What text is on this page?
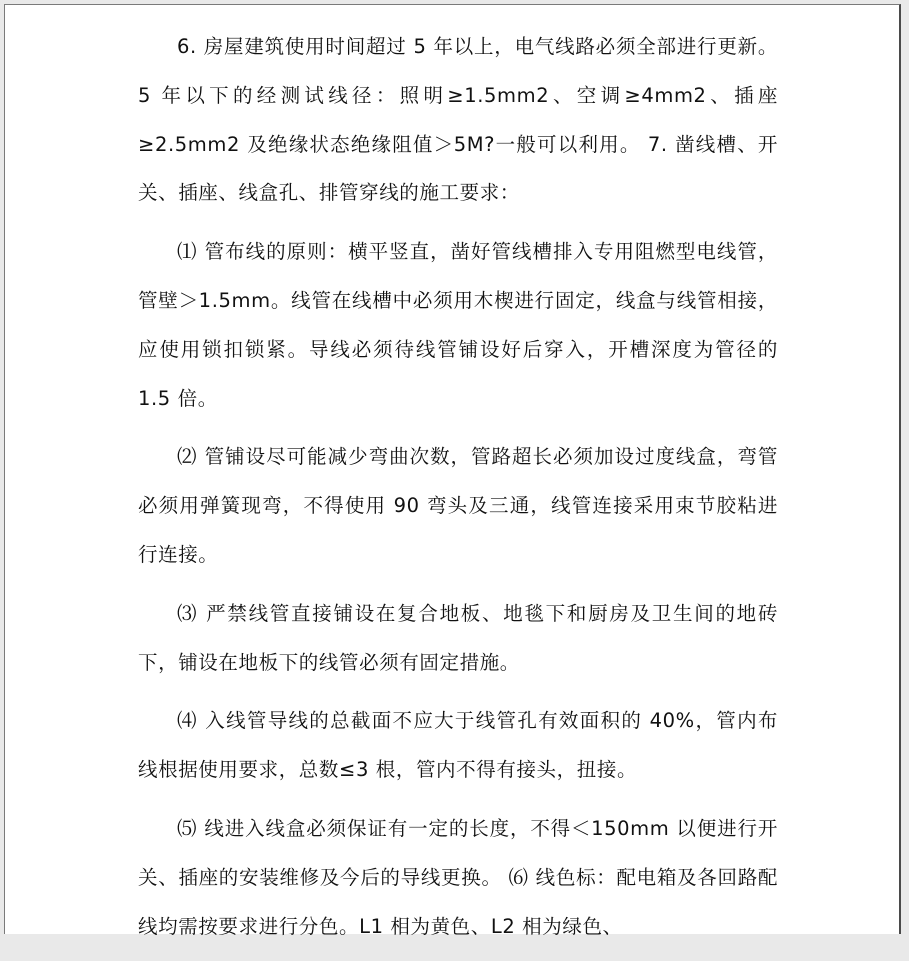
6. 房屋建筑使用时间超过 5 年以上，电气线路必须全部进行更新。5 年以下的经测试线径：照明≥1.5mm2、空调≥4mm2、插座≥2.5mm2 及绝缘状态绝缘阻值＞5M?一般可以利用。 7. 凿线槽、开关、插座、线盒孔、排管穿线的施工要求：

⑴ 管布线的原则：横平竖直，凿好管线槽排入专用阻燃型电线管，管壁＞1.5mm。线管在线槽中必须用木楔进行固定，线盒与线管相接，应使用锁扣锁紧。导线必须待线管铺设好后穿入，开槽深度为管径的 1.5 倍。

⑵ 管铺设尽可能减少弯曲次数，管路超长必须加设过度线盒，弯管必须用弹簧现弯，不得使用 90 弯头及三通，线管连接采用束节胶粘进行连接。

⑶ 严禁线管直接铺设在复合地板、地毯下和厨房及卫生间的地砖下，铺设在地板下的线管必须有固定措施。

⑷ 入线管导线的总截面不应大于线管孔有效面积的 40%，管内布线根据使用要求，总数≤3 根，管内不得有接头，扭接。

⑸ 线进入线盒必须保证有一定的长度，不得＜150mm 以便进行开关、插座的安装维修及今后的导线更换。 ⑹ 线色标：配电箱及各回路配线均需按要求进行分色。L1 相为黄色、L2 相为绿色、
